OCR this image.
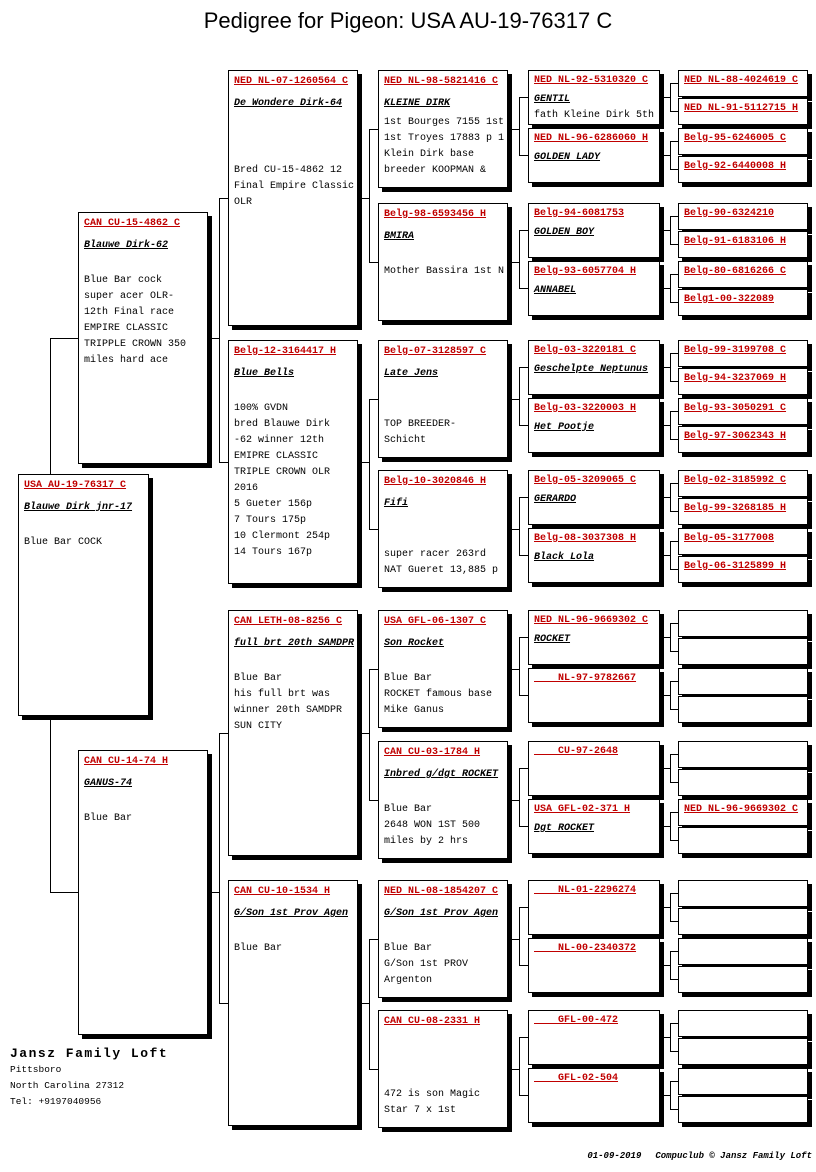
Pedigree for Pigeon: USA AU-19-76317 C
USA AU-19-76317 C
Blauwe Dirk jnr-17
Blue Bar COCK
CAN CU-15-4862 C
Blauwe Dirk-62
Blue Bar cock
super acer OLR-
12th Final race
EMPIRE CLASSIC
TRIPPLE CROWN 350
miles hard ace
CAN CU-14-74 H
GANUS-74
Blue Bar
NED NL-07-1260564 C
De Wondere Dirk-64
Bred CU-15-4862 12
Final Empire Classic
OLR
Belg-12-3164417 H
Blue Bells
100% GVDN
bred Blauwe Dirk
-62 winner 12th
EMIPRE CLASSIC
TRIPLE CROWN OLR
2016
5 Gueter 156p
7 Tours 175p
10 Clermont 254p
14 Tours 167p
CAN LETH-08-8256 C
full brt 20th SAMDPR
Blue Bar
his full brt was
winner 20th SAMDPR
SUN CITY
CAN CU-10-1534 H
G/Son 1st Prov Agen
Blue Bar
NED NL-98-5821416 C
KLEINE DIRK
1st Bourges 7155 1st
1st Troyes 17883 p 1
Klein Dirk base
breeder KOOPMAN &
Belg-98-6593456 H
BMIRA
Mother Bassira 1st N
Belg-07-3128597 C
Late Jens
TOP BREEDER-
Schicht
Belg-10-3020846 H
Fifi
super racer 263rd
NAT Gueret 13,885 p
USA GFL-06-1307 C
Son Rocket
Blue Bar
ROCKET famous base
Mike Ganus
CAN CU-03-1784 H
Inbred g/dgt ROCKET
Blue Bar
2648 WON 1ST 500
miles by 2 hrs
NED NL-08-1854207 C
G/Son 1st Prov Agen
Blue Bar
G/Son 1st PROV
Argenton
CAN CU-08-2331 H
472 is son Magic
Star 7 x 1st
NED NL-92-5310320 C
GENTIL
fath Kleine Dirk 5th
NED NL-96-6286060 H
GOLDEN LADY
Belg-94-6081753
GOLDEN BOY
Belg-93-6057704 H
ANNABEL
Belg-03-3220181 C
Geschelpte Neptunus
Belg-03-3220003 H
Het Pootje
Belg-05-3209065 C
GERARDO
Belg-08-3037308 H
Black Lola
NED NL-96-9669302 C
ROCKET
NL-97-9782667
CU-97-2648
USA GFL-02-371 H
Dgt ROCKET
NL-01-2296274
NL-00-2340372
GFL-00-472
GFL-02-504
NED NL-88-4024619 C
NED NL-91-5112715 H
Belg-95-6246005 C
Belg-92-6440008 H
Belg-90-6324210
Belg-91-6183106 H
Belg-80-6816266 C
Belg1-00-322089
Belg-99-3199708 C
Belg-94-3237069 H
Belg-93-3050291 C
Belg-97-3062343 H
Belg-02-3185992 C
Belg-99-3268185 H
Belg-05-3177008
Belg-06-3125899 H
NED NL-96-9669302 C
Jansz Family Loft
Pittsboro
North Carolina 27312
Tel: +9197040956

01-09-2019 Compuclub © Jansz Family Loft
